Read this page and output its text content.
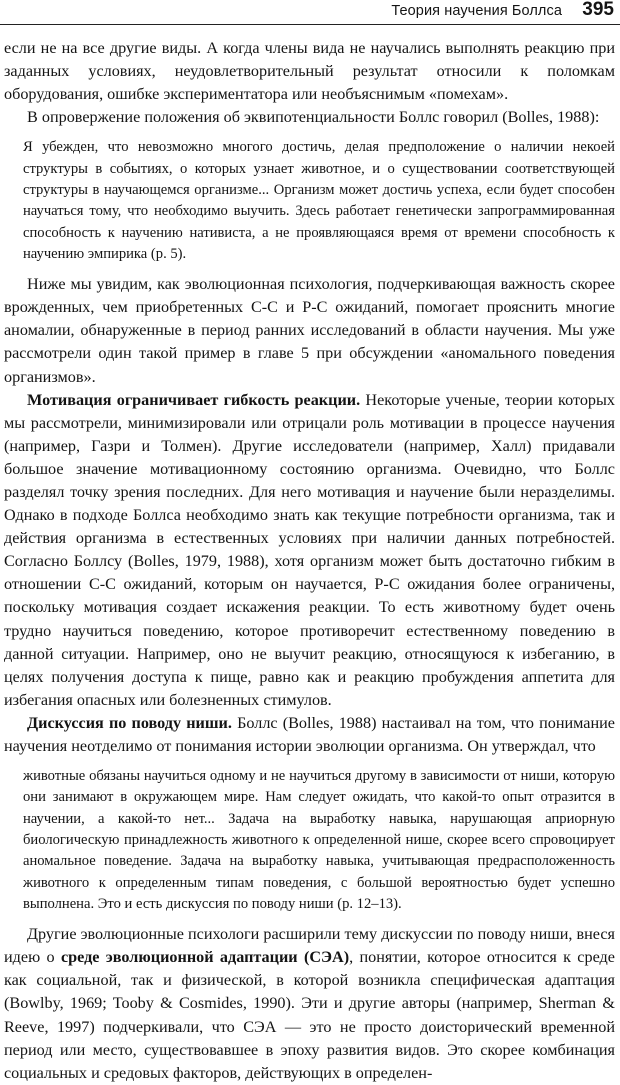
Теория научения Боллса 395

если не на все другие виды. А когда члены вида не научались выполнять реакцию при заданных условиях, неудовлетворительный результат относили к поломкам оборудования, ошибке экспериментатора или необъяснимым «помехам».

В опровержение положения об эквипотенциальности Боллс говорил (Bolles, 1988):

Я убежден, что невозможно многого достичь, делая предположение о наличии некоей структуры в событиях, о которых узнает животное, и о существовании соответствующей структуры в научающемся организме... Организм может достичь успеха, если будет способен научаться тому, что необходимо выучить. Здесь работает генетически запрограммированная способность к научению нативиста, а не проявляющаяся время от времени способность к научению эмпирика (р. 5).

Ниже мы увидим, как эволюционная психология, подчеркивающая важность скорее врожденных, чем приобретенных С-С и Р-С ожиданий, помогает прояснить многие аномалии, обнаруженные в период ранних исследований в области научения. Мы уже рассмотрели один такой пример в главе 5 при обсуждении «аномального поведения организмов».

Мотивация ограничивает гибкость реакции. Некоторые ученые, теории которых мы рассмотрели, минимизировали или отрицали роль мотивации в процессе научения (например, Газри и Толмен). Другие исследователи (например, Халл) придавали большое значение мотивационному состоянию организма. Очевидно, что Боллс разделял точку зрения последних. Для него мотивация и научение были неразделимы. Однако в подходе Боллса необходимо знать как текущие потребности организма, так и действия организма в естественных условиях при наличии данных потребностей. Согласно Боллсу (Bolles, 1979, 1988), хотя организм может быть достаточно гибким в отношении С-С ожиданий, которым он научается, Р-С ожидания более ограничены, поскольку мотивация создает искажения реакции. То есть животному будет очень трудно научиться поведению, которое противоречит естественному поведению в данной ситуации. Например, оно не выучит реакцию, относящуюся к избеганию, в целях получения доступа к пище, равно как и реакцию пробуждения аппетита для избегания опасных или болезненных стимулов.

Дискуссия по поводу ниши. Боллс (Bolles, 1988) настаивал на том, что понимание научения неотделимо от понимания истории эволюции организма. Он утверждал, что

животные обязаны научиться одному и не научиться другому в зависимости от ниши, которую они занимают в окружающем мире. Нам следует ожидать, что какой-то опыт отразится в научении, а какой-то нет... Задача на выработку навыка, нарушающая априорную биологическую принадлежность животного к определенной нише, скорее всего спровоцирует аномальное поведение. Задача на выработку навыка, учитывающая предрасположенность животного к определенным типам поведения, с большой вероятностью будет успешно выполнена. Это и есть дискуссия по поводу ниши (р. 12–13).

Другие эволюционные психологи расширили тему дискуссии по поводу ниши, внеся идею о среде эволюционной адаптации (СЭА), понятии, которое относится к среде как социальной, так и физической, в которой возникла специфическая адаптация (Bowlby, 1969; Tooby & Cosmides, 1990). Эти и другие авторы (например, Sherman & Reeve, 1997) подчеркивали, что СЭА — это не просто доисторический временной период или место, существовавшее в эпоху развития видов. Это скорее комбинация социальных и средовых факторов, действующих в определен-
